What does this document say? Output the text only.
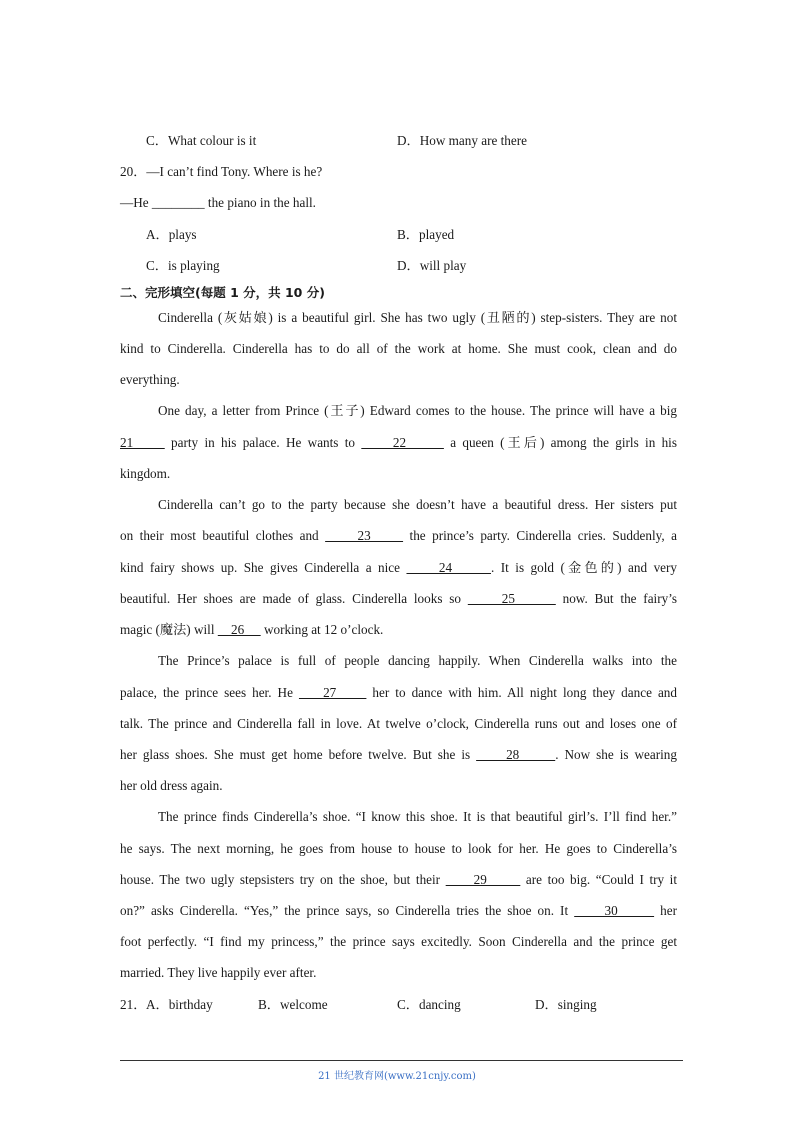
C．What colour is it	D．How many are there
20．—I can’t find Tony. Where is he?
—He ________ the piano in the hall.
A．plays	B．played
C．is playing	D．will play
二、完形填空(每题 1 分，共 10 分)
Cinderella (灰姑娘) is a beautiful girl. She has two ugly (丑陋的) step-sisters. They are not
kind to Cinderella. Cinderella has to do all of the work at home. She must cook, clean and do
everything.
One day, a letter from Prince (王子) Edward comes to the house. The prince will have a big
21      party in his palace. He wants to      22       a queen (王后) among the girls in his
kingdom.
Cinderella can’t go to the party because she doesn’t have a beautiful dress. Her sisters put
on their most beautiful clothes and      23      the prince’s party. Cinderella cries. Suddenly, a
kind fairy shows up. She gives Cinderella a nice      24      . It is gold (金色的) and very
beautiful. Her shoes are made of glass. Cinderella looks so      25       now. But the fairy’s
magic (魔法) will     26      working at 12 o’clock.
The Prince’s palace is full of people dancing happily. When Cinderella walks into the
palace, the prince sees her. He     27      her to dance with him. All night long they dance and
talk. The prince and Cinderella fall in love. At twelve o’clock, Cinderella runs out and loses one of
her glass shoes. She must get home before twelve. But she is      28      . Now she is wearing
her old dress again.
The prince finds Cinderella’s shoe. “I know this shoe. It is that beautiful girl’s. I’ll find her.”
he says. The next morning, he goes from house to house to look for her. He goes to Cinderella’s
house. The two ugly stepsisters try on the shoe, but their      29       are too big. “Could I try it
on?” asks Cinderella. “Yes,” the prince says, so Cinderella tries the shoe on. It      30       her
foot perfectly. “I find my princess,” the prince says excitedly. Soon Cinderella and the prince get
married. They live happily ever after.
21． A．birthday	B．welcome	C．dancing	D．singing
21 世纪教育网(www.21cnjy.com)
